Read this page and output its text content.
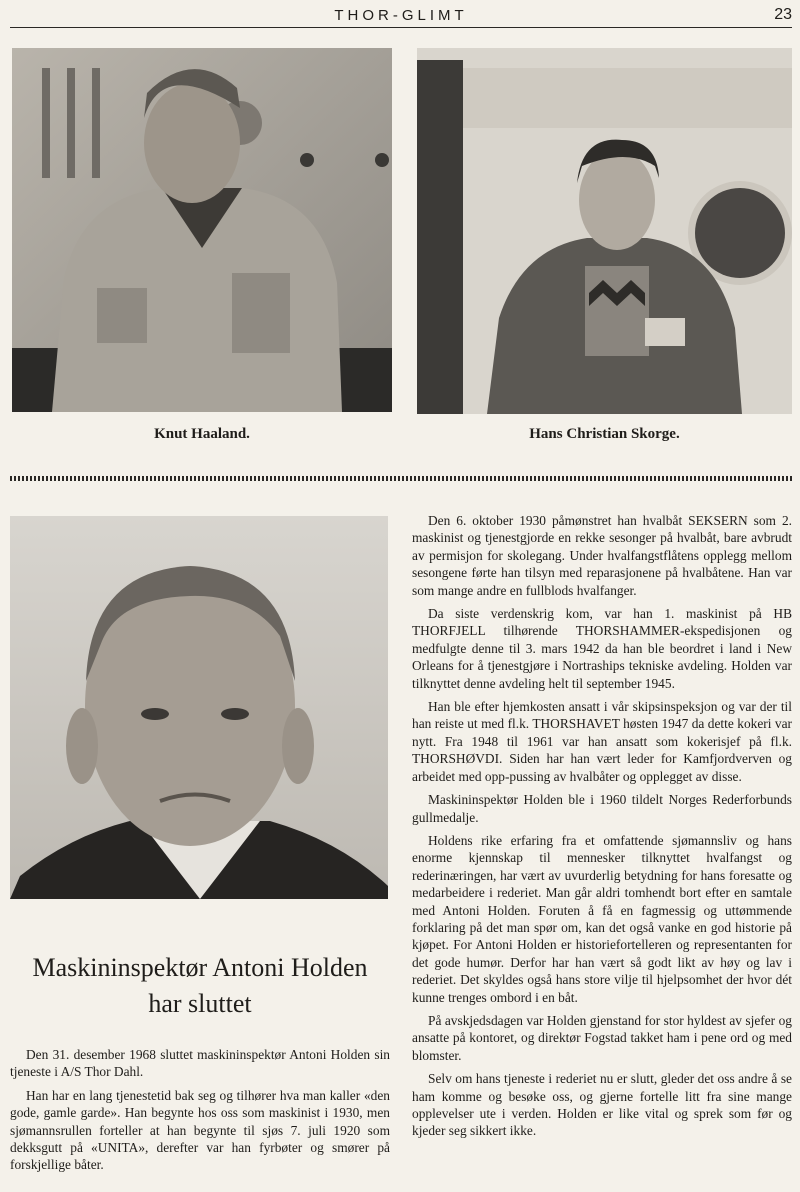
THOR-GLIMT	23
Knut Haaland.	Hans Christian Skorge.
Maskininspektør Antoni Holden
har sluttet

Den 31. desember 1968 sluttet maskininspektør Antoni Holden sin tjeneste i A/S Thor Dahl.

Han har en lang tjenestetid bak seg og tilhører hva man kaller «den gode, gamle garde». Han begynte hos oss som maskinist i 1930, men sjømannsrullen forteller at han begynte til sjøs 7. juli 1920 som dekksgutt på «UNITA», derefter var han fyrbøter og smører på forskjellige båter.

Den 6. oktober 1930 påmønstret han hvalbåt SEKSERN som 2. maskinist og tjenestgjorde en rekke sesonger på hvalbåt, bare avbrudt av permisjon for skolegang. Under hvalfangstflåtens opplegg mellom sesongene førte han tilsyn med reparasjonene på hvalbåtene. Han var som mange andre en fullblods hvalfanger.

Da siste verdenskrig kom, var han 1. maskinist på HB THORFJELL tilhørende THORSHAMMER-ekspedisjonen og medfulgte denne til 3. mars 1942 da han ble beordret i land i New Orleans for å tjenestgjøre i Nortraships tekniske avdeling. Holden var tilknyttet denne avdeling helt til september 1945.

Han ble efter hjemkosten ansatt i vår skipsinspeksjon og var der til han reiste ut med fl.k. THORSHAVET høsten 1947 da dette kokeri var nytt. Fra 1948 til 1961 var han ansatt som kokerisjef på fl.k. THORSHØVDI. Siden har han vært leder for Kamfjordverven og arbeidet med opp-pussing av hvalbåter og opplegget av disse.

Maskininspektør Holden ble i 1960 tildelt Norges Rederforbunds gullmedalje.

Holdens rike erfaring fra et omfattende sjømannsliv og hans enorme kjennskap til mennesker tilknyttet hvalfangst og rederinæringen, har vært av uvurderlig betydning for hans foresatte og medarbeidere i rederiet. Man går aldri tomhendt bort efter en samtale med Antoni Holden. Foruten å få en fagmessig og uttømmende forklaring på det man spør om, kan det også vanke en god historie på kjøpet. For Antoni Holden er historiefortelleren og representanten for det gode humør. Derfor har han vært så godt likt av høy og lav i rederiet. Det skyldes også hans store vilje til hjelpsomhet der hvor dét kunne trenges ombord i en båt.

På avskjedsdagen var Holden gjenstand for stor hyldest av sjefer og ansatte på kontoret, og direktør Fogstad takket ham i pene ord og med blomster.

Selv om hans tjeneste i rederiet nu er slutt, gleder det oss andre å se ham komme og besøke oss, og gjerne fortelle litt fra sine mange opplevelser ute i verden. Holden er like vital og sprek som før og kjeder seg sikkert ikke.
